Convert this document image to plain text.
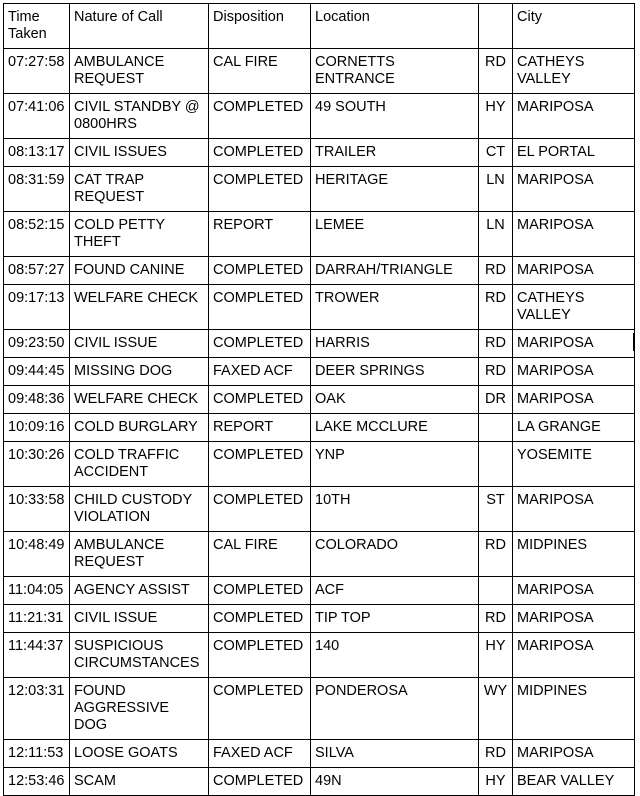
Time Taken	Nature of Call	Disposition	Location		City
07:27:58	AMBULANCE REQUEST	CAL FIRE	CORNETTS ENTRANCE	RD	CATHEYS VALLEY
07:41:06	CIVIL STANDBY @ 0800HRS	COMPLETED	49 SOUTH	HY	MARIPOSA
08:13:17	CIVIL ISSUES	COMPLETED	TRAILER	CT	EL PORTAL
08:31:59	CAT TRAP REQUEST	COMPLETED	HERITAGE	LN	MARIPOSA
08:52:15	COLD PETTY THEFT	REPORT	LEMEE	LN	MARIPOSA
08:57:27	FOUND CANINE	COMPLETED	DARRAH/TRIANGLE	RD	MARIPOSA
09:17:13	WELFARE CHECK	COMPLETED	TROWER	RD	CATHEYS VALLEY
09:23:50	CIVIL ISSUE	COMPLETED	HARRIS	RD	MARIPOSA
09:44:45	MISSING DOG	FAXED ACF	DEER SPRINGS	RD	MARIPOSA
09:48:36	WELFARE CHECK	COMPLETED	OAK	DR	MARIPOSA
10:09:16	COLD BURGLARY	REPORT	LAKE MCCLURE		LA GRANGE
10:30:26	COLD TRAFFIC ACCIDENT	COMPLETED	YNP		YOSEMITE
10:33:58	CHILD CUSTODY VIOLATION	COMPLETED	10TH	ST	MARIPOSA
10:48:49	AMBULANCE REQUEST	CAL FIRE	COLORADO	RD	MIDPINES
11:04:05	AGENCY ASSIST	COMPLETED	ACF		MARIPOSA
11:21:31	CIVIL ISSUE	COMPLETED	TIP TOP	RD	MARIPOSA
11:44:37	SUSPICIOUS CIRCUMSTANCES	COMPLETED	140	HY	MARIPOSA
12:03:31	FOUND AGGRESSIVE DOG	COMPLETED	PONDEROSA	WY	MIDPINES
12:11:53	LOOSE GOATS	FAXED ACF	SILVA	RD	MARIPOSA
12:53:46	SCAM	COMPLETED	49N	HY	BEAR VALLEY
